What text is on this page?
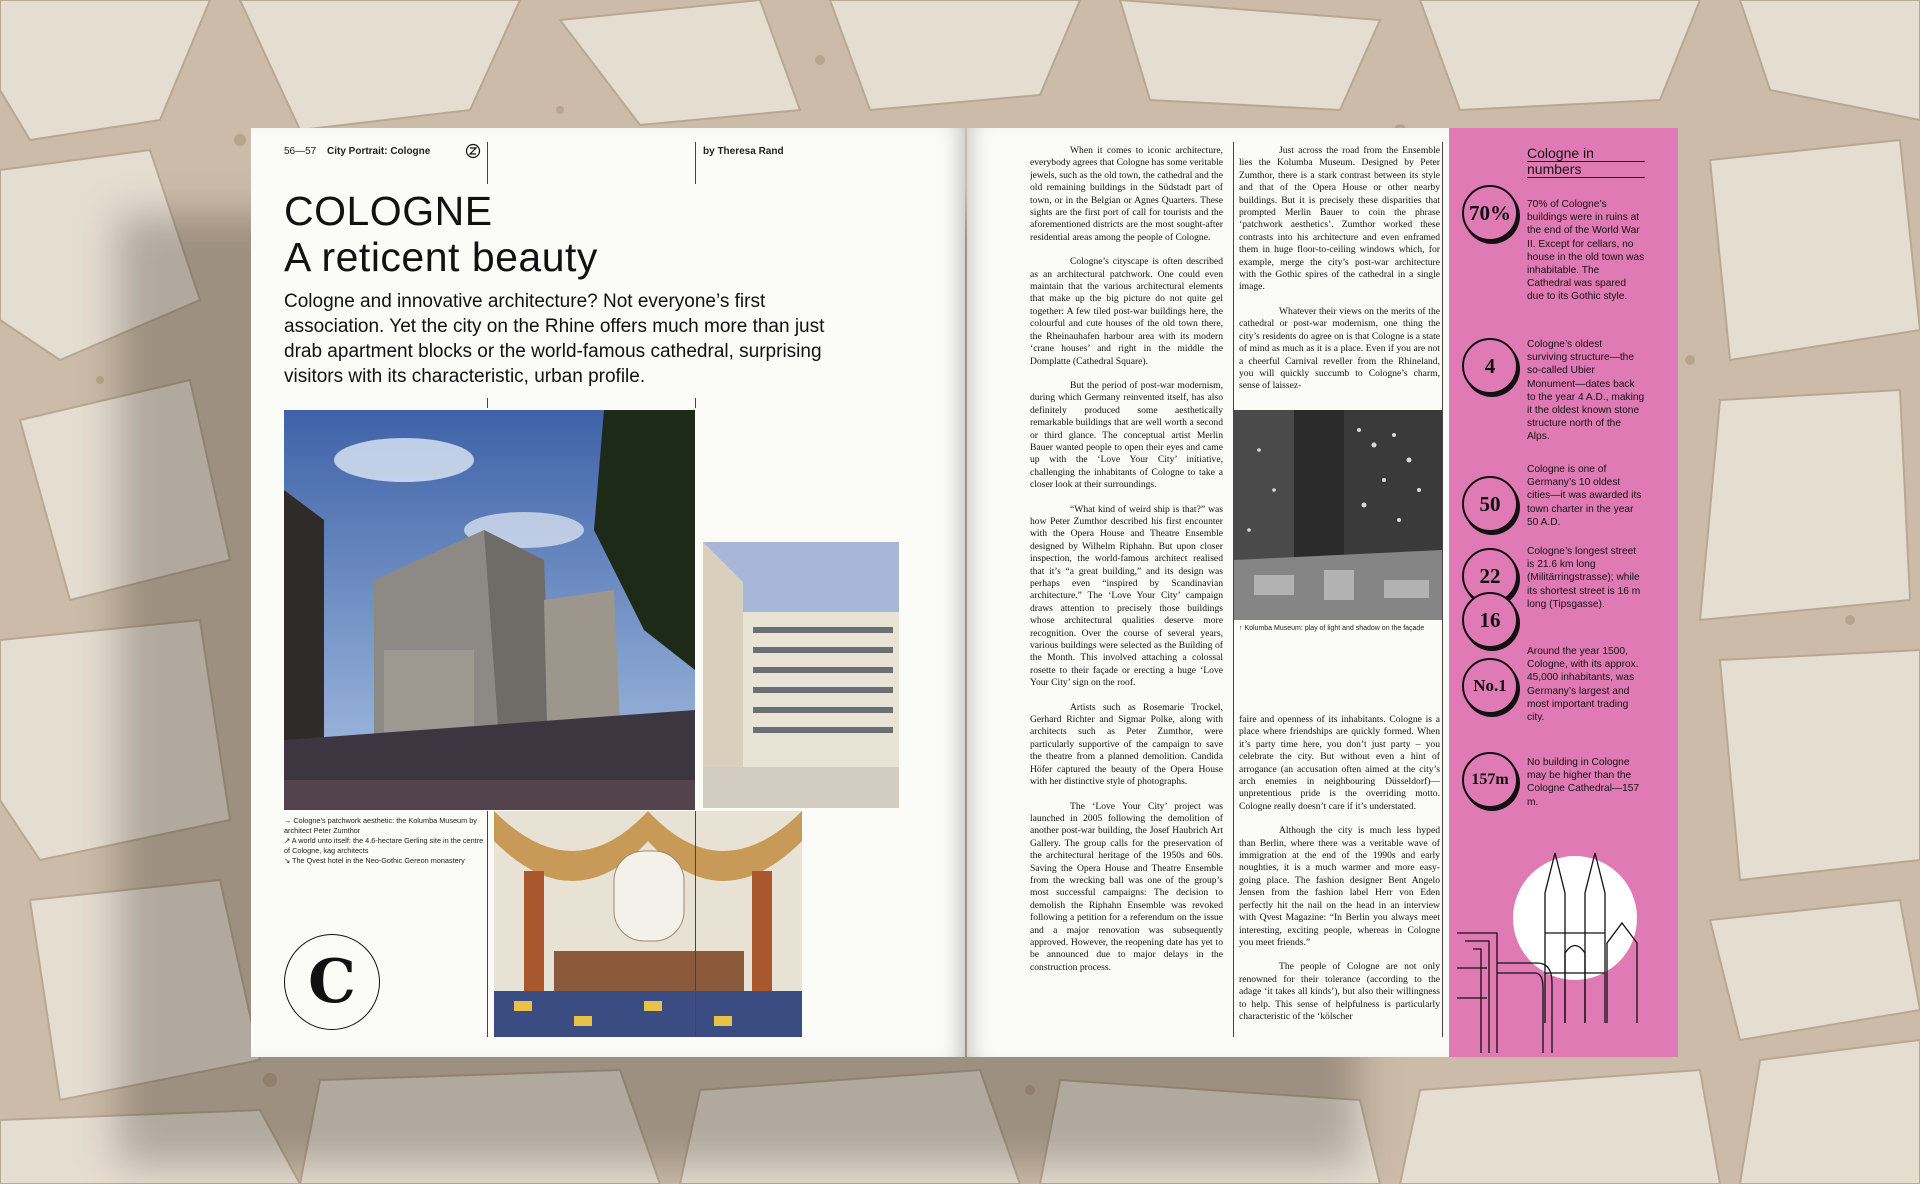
56—57 City Portrait: Cologne	by Theresa Rand
COLOGNE
A reticent beauty
Cologne and innovative architecture? Not everyone’s first association. Yet the city on the Rhine offers much more than just drab apartment blocks or the world-famous cathedral, surprising visitors with its characteristic, urban profile.
→ Cologne’s patchwork aesthetic: the Kolumba Museum by architect Peter Zumthor
↗ A world unto itself: the 4.6-hectare Gerling site in the centre of Cologne, kag architects
↘ The Qvest hotel in the Neo-Gothic Gereon monastery
C

When it comes to iconic architecture, everybody agrees that Cologne has some veritable jewels, such as the old town, the cathedral and the old remaining buildings in the Südstadt part of town, or in the Belgian or Agnes Quarters. These sights are the first port of call for tourists and the aforementioned districts are the most sought-after residential areas among the people of Cologne.

Cologne’s cityscape is often described as an architectural patchwork. One could even maintain that the various architectural elements that make up the big picture do not quite gel together: A few tiled post-war buildings here, the colourful and cute houses of the old town there, the Rheinauhafen harbour area with its modern ‘crane houses’ and right in the middle the Domplatte (Cathedral Square).

But the period of post-war modernism, during which Germany reinvented itself, has also definitely produced some aesthetically remarkable buildings that are well worth a second or third glance. The conceptual artist Merlin Bauer wanted people to open their eyes and came up with the ‘Love Your City’ initiative, challenging the inhabitants of Cologne to take a closer look at their surroundings.

“What kind of weird ship is that?” was how Peter Zumthor described his first encounter with the Opera House and Theatre Ensemble designed by Wilhelm Riphahn. But upon closer inspection, the world-famous architect realised that it’s “a great building,” and its design was perhaps even “inspired by Scandinavian architecture.” The ‘Love Your City’ campaign draws attention to precisely those buildings whose architectural qualities deserve more recognition. Over the course of several years, various buildings were selected as the Building of the Month. This involved attaching a colossal rosette to their façade or erecting a huge ‘Love Your City’ sign on the roof.

Artists such as Rosemarie Trockel, Gerhard Richter and Sigmar Polke, along with architects such as Peter Zumthor, were particularly supportive of the campaign to save the theatre from a planned demolition. Candida Höfer captured the beauty of the Opera House with her distinctive style of photographs.

The ‘Love Your City’ project was launched in 2005 following the demolition of another post-war building, the Josef Haubrich Art Gallery. The group calls for the preservation of the architectural heritage of the 1950s and 60s. Saving the Opera House and Theatre Ensemble from the wrecking ball was one of the group’s most successful campaigns: The decision to demolish the Riphahn Ensemble was revoked following a petition for a referendum on the issue and a major renovation was subsequently approved. However, the reopening date has yet to be announced due to major delays in the construction process.

Just across the road from the Ensemble lies the Kolumba Museum. Designed by Peter Zumthor, there is a stark contrast between its style and that of the Opera House or other nearby buildings. But it is precisely these disparities that prompted Merlin Bauer to coin the phrase ‘patchwork aesthetics’. Zumthor worked these contrasts into his architecture and even enframed them in huge floor-to-ceiling windows which, for example, merge the city’s post-war architecture with the Gothic spires of the cathedral in a single image.

Whatever their views on the merits of the cathedral or post-war modernism, one thing the city’s residents do agree on is that Cologne is a state of mind as much as it is a place. Even if you are not a cheerful Carnival reveller from the Rhineland, you will quickly succumb to Cologne’s charm, sense of laissez-

↑ Kolumba Museum: play of light and shadow on the façade

faire and openness of its inhabitants. Cologne is a place where friendships are quickly formed. When it’s party time here, you don’t just party – you celebrate the city. But without even a hint of arrogance (an accusation often aimed at the city’s arch enemies in neighbouring Düsseldorf)—unpretentious pride is the overriding motto. Cologne really doesn’t care if it’s understated.

Although the city is much less hyped than Berlin, where there was a veritable wave of immigration at the end of the 1990s and early noughties, it is a much warmer and more easy-going place. The fashion designer Bent Angelo Jensen from the fashion label Herr von Eden perfectly hit the nail on the head in an interview with Qvest Magazine: “In Berlin you always meet interesting, exciting people, whereas in Cologne you meet friends.”

The people of Cologne are not only renowned for their tolerance (according to the adage ‘it takes all kinds’), but also their willingness to help. This sense of helpfulness is particularly characteristic of the ‘kölscher

Cologne in
numbers
70% 70% of Cologne’s buildings were in ruins at the end of the World War II. Except for cellars, no house in the old town was inhabitable. The Cathedral was spared due to its Gothic style.
4
Cologne’s oldest surviving structure—the so-called Ubier Monument—dates back to the year 4 A.D., making it the oldest known stone structure north of the Alps.
50
Cologne is one of Germany’s 10 oldest cities—it was awarded its town charter in the year 50 A.D.
22
16
Cologne’s longest street is 21.6 km long (Militärringstrasse); while its shortest street is 16 m long (Tipsgasse).
No.1
Around the year 1500, Cologne, with its approx. 45,000 inhabitants, was Germany’s largest and most important trading city.
157m
No building in Cologne may be higher than the Cologne Cathedral—157 m.
